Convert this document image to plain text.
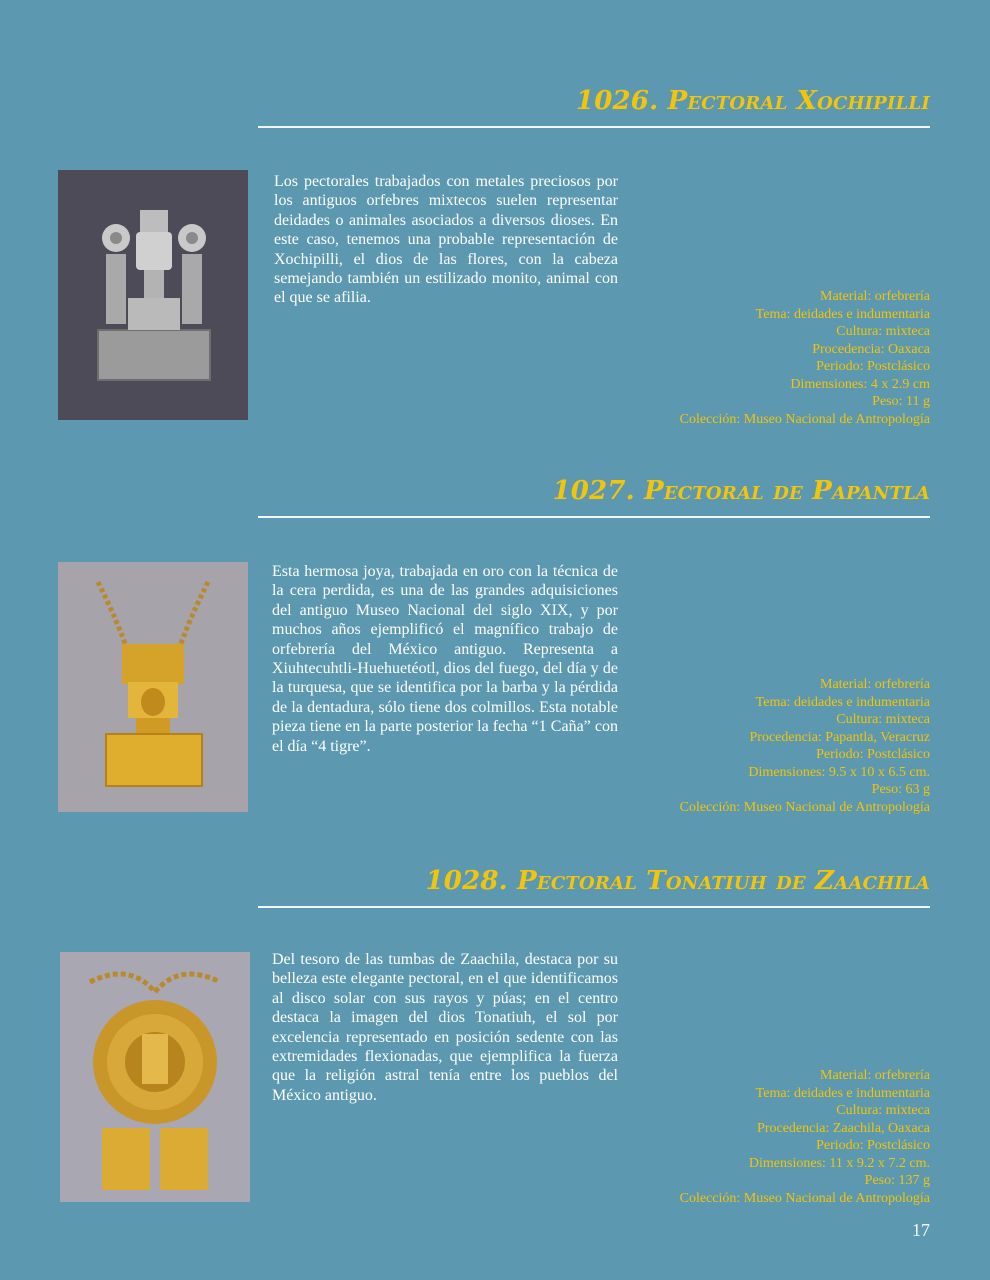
1026. Pectoral Xochipilli

Los pectorales trabajados con metales preciosos por los antiguos orfebres mixtecos suelen representar deidades o animales asociados a diversos dioses. En este caso, tenemos una probable representación de Xochipilli, el dios de las flores, con la cabeza semejando también un estilizado monito, animal con el que se afilia.	Material: orfebrería
Tema: deidades e indumentaria
Cultura: mixteca
Procedencia: Oaxaca
Periodo: Postclásico
Dimensiones: 4 x 2.9 cm
Peso: 11 g
Colección: Museo Nacional de Antropología
1027. Pectoral de Papantla

Esta hermosa joya, trabajada en oro con la técnica de la cera perdida, es una de las grandes adquisiciones del antiguo Museo Nacional del siglo XIX, y por muchos años ejemplificó el magnífico trabajo de orfebrería del México antiguo. Representa a Xiuhtecuhtli-Huehuetéotl, dios del fuego, del día y de la turquesa, que se identifica por la barba y la pérdida de la dentadura, sólo tiene dos colmillos. Esta notable pieza tiene en la parte posterior la fecha “1 Caña” con el día “4 tigre”.

Material: orfebrería
Tema: deidades e indumentaria
Cultura: mixteca
Procedencia: Papantla, Veracruz
Periodo: Postclásico
Dimensiones: 9.5 x 10 x 6.5 cm.
Peso: 63 g
Colección: Museo Nacional de Antropología
1028. Pectoral Tonatiuh de Zaachila

Del tesoro de las tumbas de Zaachila, destaca por su belleza este elegante pectoral, en el que identificamos al disco solar con sus rayos y púas; en el centro destaca la imagen del dios Tonatiuh, el sol por excelencia representado en posición sedente con las extremidades flexionadas, que ejemplifica la fuerza que la religión astral tenía entre los pueblos del México antiguo.

Material: orfebrería
Tema: deidades e indumentaria
Cultura: mixteca
Procedencia: Zaachila, Oaxaca
Periodo: Postclásico
Dimensiones: 11 x 9.2 x 7.2 cm.
Peso: 137 g
Colección: Museo Nacional de Antropología
17
